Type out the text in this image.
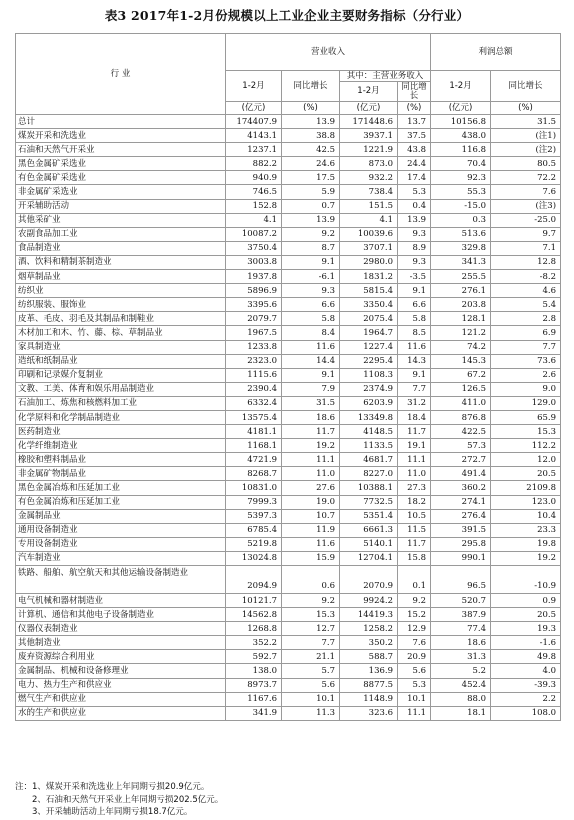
表3 2017年1-2月份规模以上工业企业主要财务指标（分行业）
行 业	营业收入				利润总额	
	1-2月	同比增长	其中：主营业务收入		1-2月	同比增长
			1-2月	同比增长		
	(亿元)	(%)	(亿元)	(%)	(亿元)	(%)
总计	174407.9	13.9	171448.6	13.7	10156.8	31.5
煤炭开采和洗选业	4143.1	38.8	3937.1	37.5	438.0	(注1)
石油和天然气开采业	1237.1	42.5	1221.9	43.8	116.8	(注2)
黑色金属矿采选业	882.2	24.6	873.0	24.4	70.4	80.5
有色金属矿采选业	940.9	17.5	932.2	17.4	92.3	72.2
非金属矿采选业	746.5	5.9	738.4	5.3	55.3	7.6
开采辅助活动	152.8	0.7	151.5	0.4	-15.0	(注3)
其他采矿业	4.1	13.9	4.1	13.9	0.3	-25.0
农副食品加工业	10087.2	9.2	10039.6	9.3	513.6	9.7
食品制造业	3750.4	8.7	3707.1	8.9	329.8	7.1
酒、饮料和精制茶制造业	3003.8	9.1	2980.0	9.3	341.3	12.8
烟草制品业	1937.8	-6.1	1831.2	-3.5	255.5	-8.2
纺织业	5896.9	9.3	5815.4	9.1	276.1	4.6
纺织服装、服饰业	3395.6	6.6	3350.4	6.6	203.8	5.4
皮革、毛皮、羽毛及其制品和制鞋业	2079.7	5.8	2075.4	5.8	128.1	2.8
木材加工和木、竹、藤、棕、草制品业	1967.5	8.4	1964.7	8.5	121.2	6.9
家具制造业	1233.8	11.6	1227.4	11.6	74.2	7.7
造纸和纸制品业	2323.0	14.4	2295.4	14.3	145.3	73.6
印刷和记录媒介复制业	1115.6	9.1	1108.3	9.1	67.2	2.6
文教、工美、体育和娱乐用品制造业	2390.4	7.9	2374.9	7.7	126.5	9.0
石油加工、炼焦和核燃料加工业	6332.4	31.5	6203.9	31.2	411.0	129.0
化学原料和化学制品制造业	13575.4	18.6	13349.8	18.4	876.8	65.9
医药制造业	4181.1	11.7	4148.5	11.7	422.5	15.3
化学纤维制造业	1168.1	19.2	1133.5	19.1	57.3	112.2
橡胶和塑料制品业	4721.9	11.1	4681.7	11.1	272.7	12.0
非金属矿物制品业	8268.7	11.0	8227.0	11.0	491.4	20.5
黑色金属冶炼和压延加工业	10831.0	27.6	10388.1	27.3	360.2	2109.8
有色金属冶炼和压延加工业	7999.3	19.0	7732.5	18.2	274.1	123.0
金属制品业	5397.3	10.7	5351.4	10.5	276.4	10.4
通用设备制造业	6785.4	11.9	6661.3	11.5	391.5	23.3
专用设备制造业	5219.8	11.6	5140.1	11.7	295.8	19.8
汽车制造业	13024.8	15.9	12704.1	15.8	990.1	19.2
铁路、船舶、航空航天和其他运输设备制造业	2094.9	0.6	2070.9	0.1	96.5	-10.9
电气机械和器材制造业	10121.7	9.2	9924.2	9.2	520.7	0.9
计算机、通信和其他电子设备制造业	14562.8	15.3	14419.3	15.2	387.9	20.5
仪器仪表制造业	1268.8	12.7	1258.2	12.9	77.4	19.3
其他制造业	352.2	7.7	350.2	7.6	18.6	-1.6
废弃资源综合利用业	592.7	21.1	588.7	20.9	31.3	49.8
金属制品、机械和设备修理业	138.0	5.7	136.9	5.6	5.2	4.0
电力、热力生产和供应业	8973.7	5.6	8877.5	5.3	452.4	-39.3
燃气生产和供应业	1167.6	10.1	1148.9	10.1	88.0	2.2
水的生产和供应业	341.9	11.3	323.6	11.1	18.1	108.0
注：1、煤炭开采和洗选业上年同期亏损20.9亿元。
2、石油和天然气开采业上年同期亏损202.5亿元。
3、开采辅助活动上年同期亏损18.7亿元。
